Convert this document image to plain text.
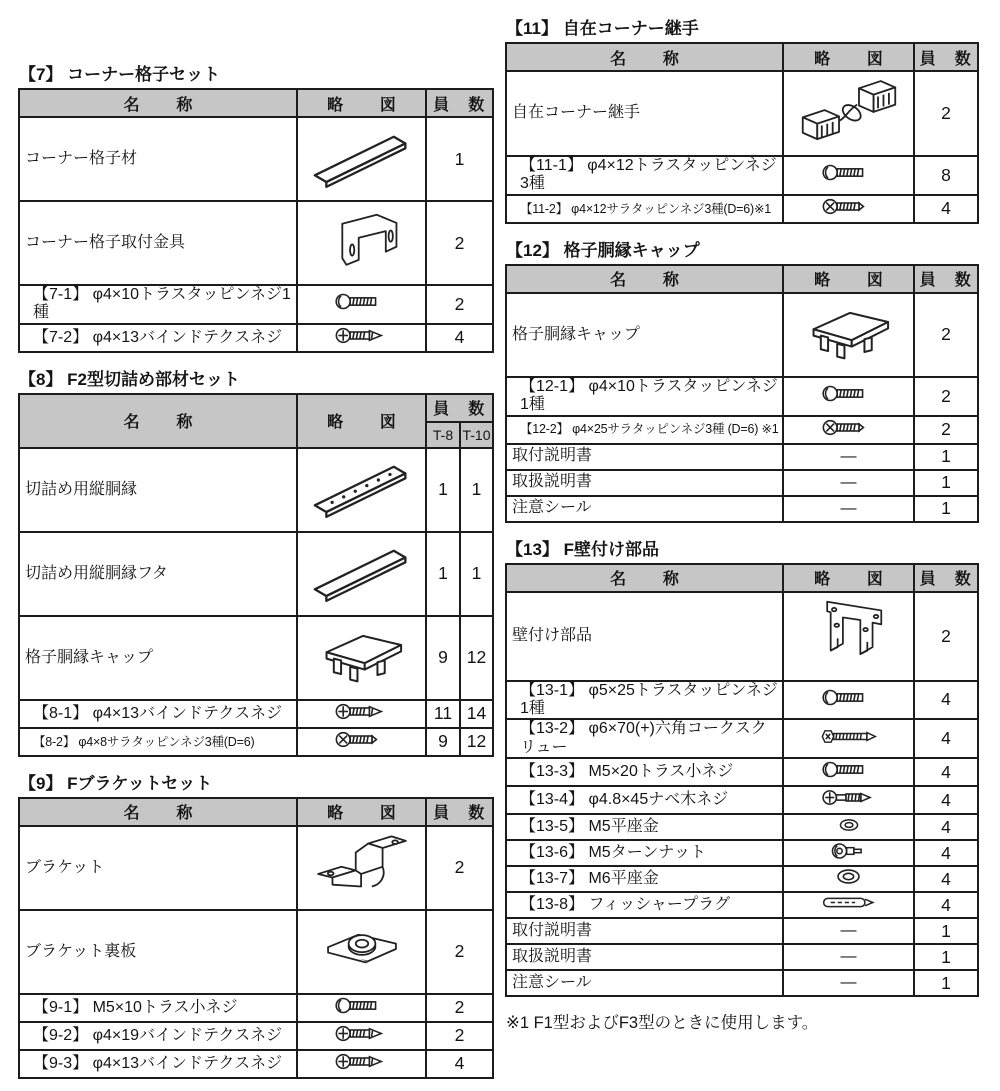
【7】 コーナー格子セット
名　称	略　図	員　数
コーナー格子材		1
コーナー格子取付金具		2
【7-1】 φ4×10トラスタッピンネジ1種		2
【7-2】 φ4×13バインドテクスネジ		4
【8】 F2型切詰め部材セット
名　称	略　図	員　数	
		T-8	T-10
切詰め用縦胴縁		1	1
切詰め用縦胴縁フタ		1	1
格子胴縁キャップ		9	12
【8-1】 φ4×13バインドテクスネジ		11	14
【8-2】 φ4×8サラタッピンネジ3種(D=6)		9	12
【9】 Fブラケットセット
名　称	略　図	員　数
ブラケット		2
ブラケット裏板		2
【9-1】 M5×10トラス小ネジ		2
【9-2】 φ4×19バインドテクスネジ		2
【9-3】 φ4×13バインドテクスネジ		4
【11】 自在コーナー継手
名　称	略　図	員　数
自在コーナー継手		2
【11-1】 φ4×12トラスタッピンネジ3種		8
【11-2】 φ4×12サラタッピンネジ3種(D=6)※1		4
【12】 格子胴縁キャップ
名　称	略　図	員　数
格子胴縁キャップ		2
【12-1】 φ4×10トラスタッピンネジ1種		2
【12-2】 φ4×25サラタッピンネジ3種 (D=6) ※1		2
取付説明書	—	1
取扱説明書	—	1
注意シール	—	1
【13】 F壁付け部品
名　称	略　図	員　数
壁付け部品		2
【13-1】 φ5×25トラスタッピンネジ1種		4
【13-2】 φ6×70(+)六角コークスクリュー		4
【13-3】 M5×20トラス小ネジ		4
【13-4】 φ4.8×45ナベ木ネジ		4
【13-5】 M5平座金		4
【13-6】 M5ターンナット		4
【13-7】 M6平座金		4
【13-8】 フィッシャープラグ		4
取付説明書	—	1
取扱説明書	—	1
注意シール	—	1
※1 F1型およびF3型のときに使用します。
